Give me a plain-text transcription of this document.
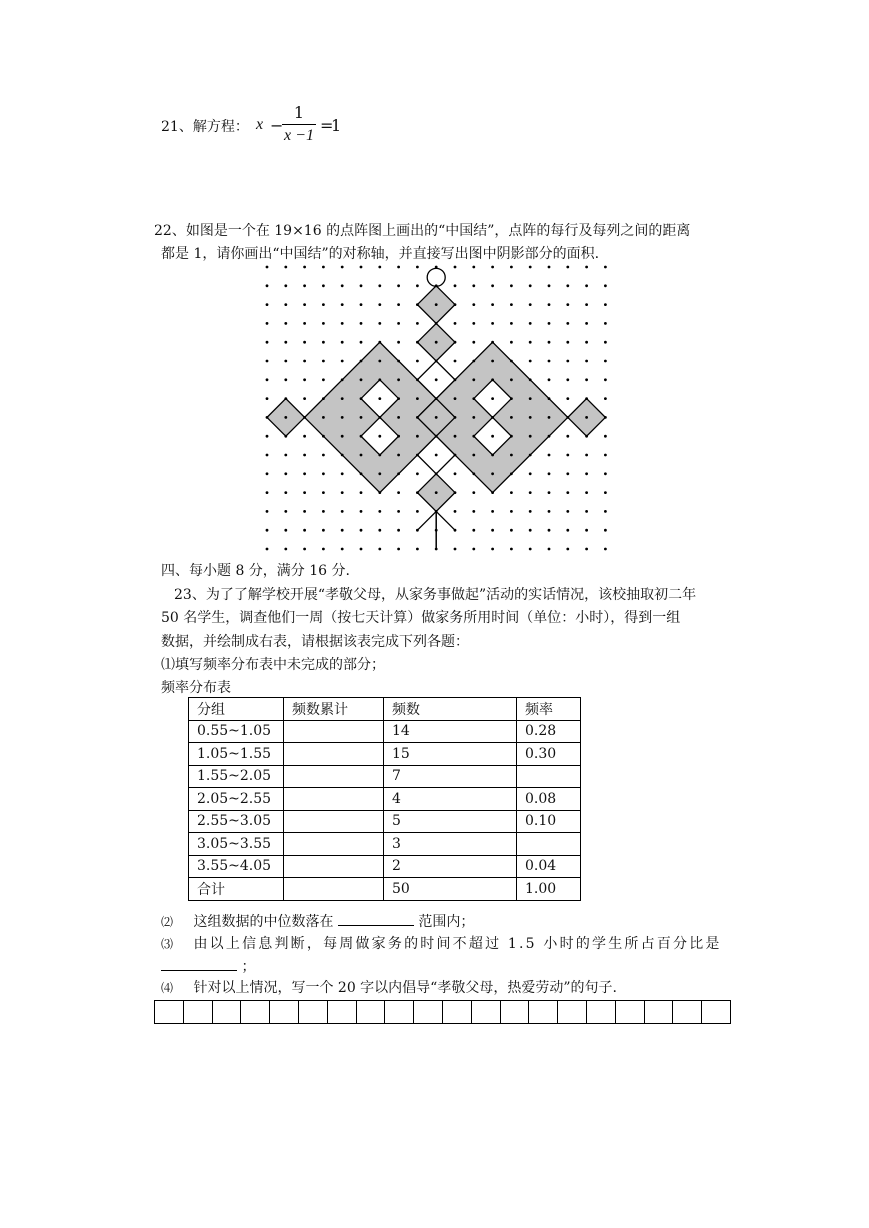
21、解方程： x −
1
x −1
=
1
22、如图是一个在 19×16 的点阵图上画出的“中国结”，点阵的每行及每列之间的距离
都是 1，请你画出“中国结”的对称轴，并直接写出图中阴影部分的面积.
四、每小题 8 分，满分 16 分.
23、为了了解学校开展“孝敬父母，从家务事做起”活动的实话情况，该校抽取初二年
50 名学生，调查他们一周（按七天计算）做家务所用时间（单位：小时），得到一组
数据，并绘制成右表，请根据该表完成下列各题：
⑴填写频率分布表中未完成的部分；
频率分布表
分组	频数累计	频数	频率
0.55~1.05		14	0.28
1.05~1.55		15	0.30
1.55~2.05		7	
2.05~2.55		4	0.08
2.55~3.05		5	0.10
3.05~3.55		3	
3.55~4.05		2	0.04
合计		50	1.00
⑵ 这组数据的中位数落在	范围内；
⑶ 由以上信息判断，每周做家务的时间不超过 1.5 小时的学生所占百分比是
；
⑷ 针对以上情况，写一个 20 字以内倡导“孝敬父母，热爱劳动”的句子.
